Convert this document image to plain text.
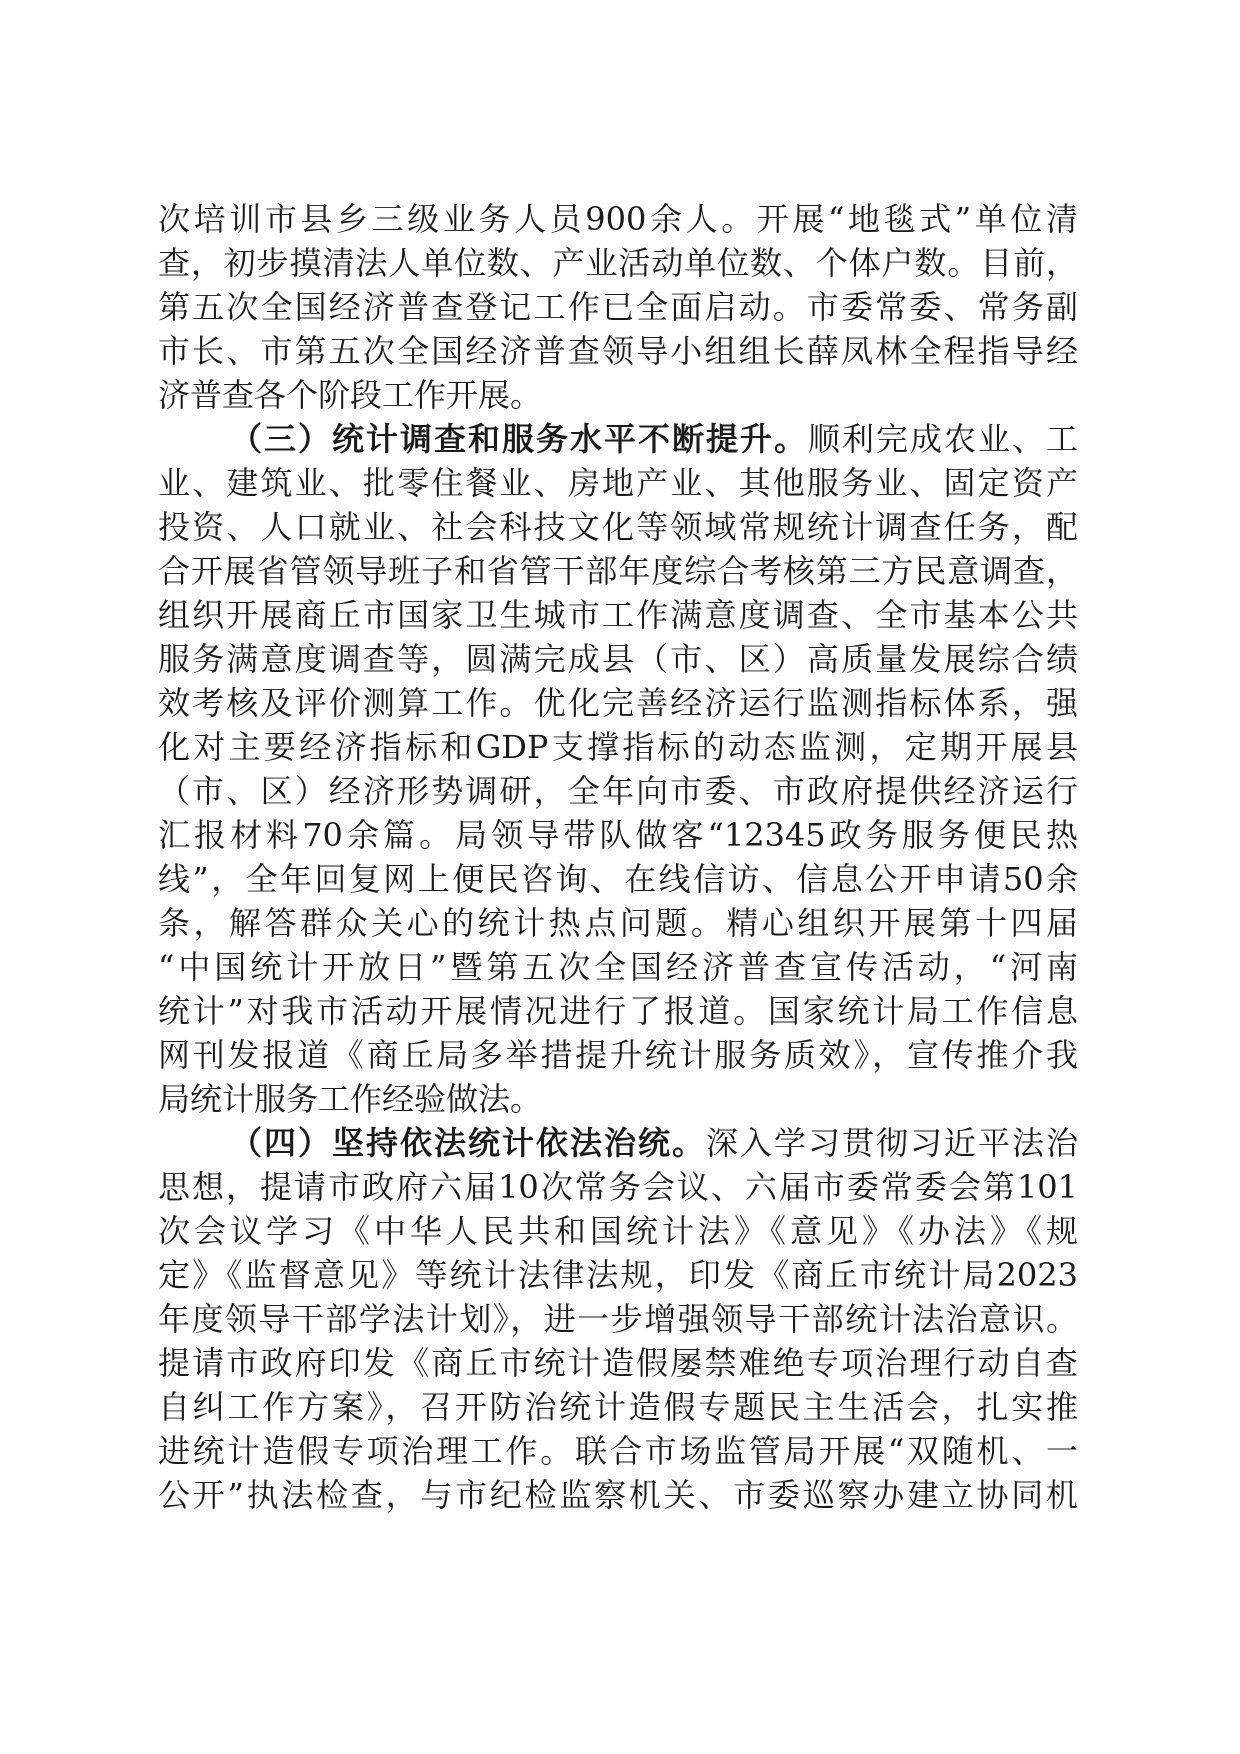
次培训市县乡三级业务人员900余人。开展“地毯式”单位清
查，初步摸清法人单位数、产业活动单位数、个体户数。目前，
第五次全国经济普查登记工作已全面启动。市委常委、常务副
市长、市第五次全国经济普查领导小组组长薛凤林全程指导经
济普查各个阶段工作开展。
（三）统计调查和服务水平不断提升。顺利完成农业、工
业、建筑业、批零住餐业、房地产业、其他服务业、固定资产
投资、人口就业、社会科技文化等领域常规统计调查任务，配
合开展省管领导班子和省管干部年度综合考核第三方民意调查，
组织开展商丘市国家卫生城市工作满意度调查、全市基本公共
服务满意度调查等，圆满完成县（市、区）高质量发展综合绩
效考核及评价测算工作。优化完善经济运行监测指标体系，强
化对主要经济指标和GDP支撑指标的动态监测，定期开展县
（市、区）经济形势调研，全年向市委、市政府提供经济运行
汇报材料70余篇。局领导带队做客“12345政务服务便民热
线”，全年回复网上便民咨询、在线信访、信息公开申请50余
条，解答群众关心的统计热点问题。精心组织开展第十四届
“中国统计开放日”暨第五次全国经济普查宣传活动，“河南
统计”对我市活动开展情况进行了报道。国家统计局工作信息
网刊发报道《商丘局多举措提升统计服务质效》，宣传推介我
局统计服务工作经验做法。
（四）坚持依法统计依法治统。深入学习贯彻习近平法治
思想，提请市政府六届10次常务会议、六届市委常委会第101
次会议学习《中华人民共和国统计法》《意见》《办法》《规
定》《监督意见》等统计法律法规，印发《商丘市统计局2023
年度领导干部学法计划》，进一步增强领导干部统计法治意识。
提请市政府印发《商丘市统计造假屡禁难绝专项治理行动自查
自纠工作方案》，召开防治统计造假专题民主生活会，扎实推
进统计造假专项治理工作。联合市场监管局开展“双随机、一
公开”执法检查，与市纪检监察机关、市委巡察办建立协同机
